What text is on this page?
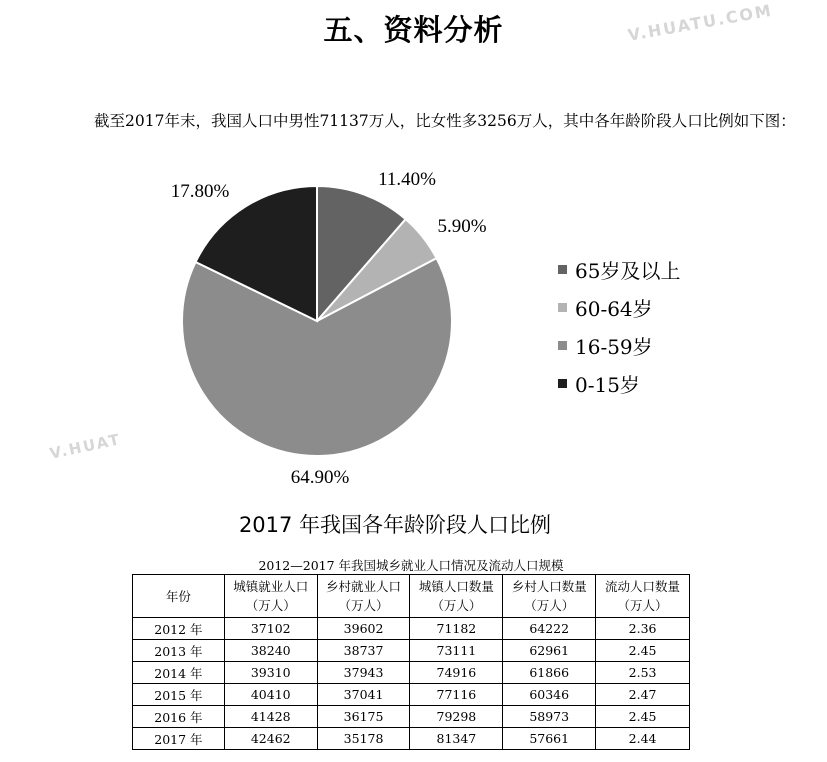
五、资料分析	V.HUATU.COM
截至2017年末，我国人口中男性71137万人，比女性多3256万人，其中各年龄阶段人口比例如下图：
11.40%
5.90%
64.90%
17.80%
V.HUAT
65岁及以上
60-64岁
16-59岁
0-15岁
2017 年我国各年龄阶段人口比例
2012—2017 年我国城乡就业人口情况及流动人口规模
年份	城镇就业人口（万人）	乡村就业人口（万人）	城镇人口数量（万人）	乡村人口数量（万人）	流动人口数量（万人）
2012 年	37102	39602	71182	64222	2.36
2013 年	38240	38737	73111	62961	2.45
2014 年	39310	37943	74916	61866	2.53
2015 年	40410	37041	77116	60346	2.47
2016 年	41428	36175	79298	58973	2.45
2017 年	42462	35178	81347	57661	2.44
